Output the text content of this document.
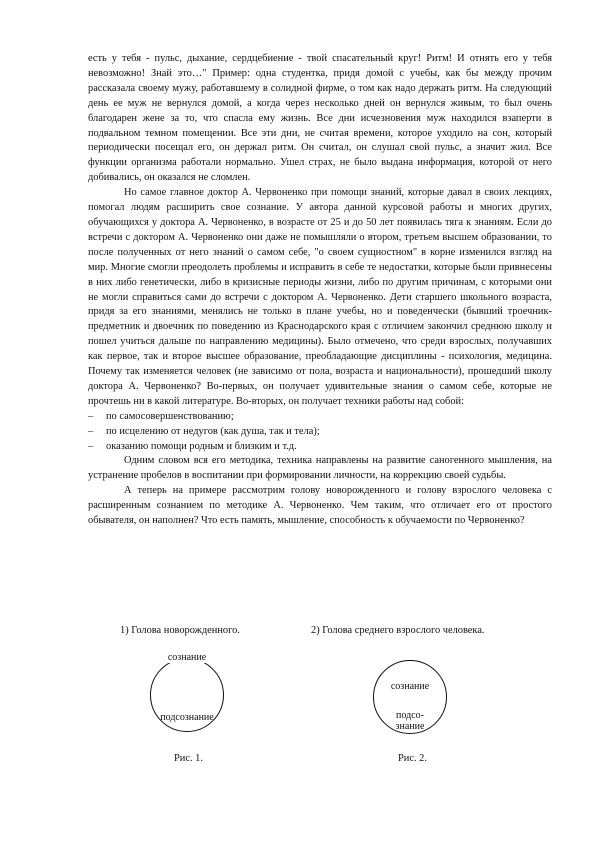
есть у тебя - пульс, дыхание, сердцебиение - твой спасательный круг! Ритм! И отнять его у тебя невозможно! Знай это…" Пример: одна студентка, придя домой с учебы, как бы между прочим рассказала своему мужу, работавшему в солидной фирме, о том как надо держать ритм. На следующий день ее муж не вернулся домой, а когда через несколько дней он вернулся живым, то был очень благодарен жене за то, что спасла ему жизнь. Все дни исчезновения муж находился взаперти в подвальном темном помещении. Все эти дни, не считая времени, которое уходило на сон, который периодически посещал его, он держал ритм. Он считал, он слушал свой пульс, а значит жил. Все функции организма работали нормально. Ушел страх, не было выдана информация, которой от него добивались, он оказался не сломлен.

Но самое главное доктор А. Червоненко при помощи знаний, которые давал в своих лекциях, помогал людям расширить свое сознание. У автора данной курсовой работы и многих других, обучающихся у доктора А. Червоненко, в возрасте от 25 и до 50 лет появилась тяга к знаниям. Если до встречи с доктором А. Червоненко они даже не помышляли о втором, третьем высшем образовании, то после полученных от него знаний о самом себе, "о своем сущностном" в корне изменился взгляд на мир. Многие смогли преодолеть проблемы и исправить в себе те недостатки, которые были привнесены в них либо генетически, либо в кризисные периоды жизни, либо по другим причинам, с которыми они не могли справиться сами до встречи с доктором А. Червоненко. Дети старшего школьного возраста, придя за его знаниями, менялись не только в плане учебы, но и поведенчески (бывший троечник-предметник и двоечник по поведению из Краснодарского края с отличием закончил среднюю школу и пошел учиться дальше по направлению медицины). Было отмечено, что среди взрослых, получавших как первое, так и второе высшее образование, преобладающие дисциплины - психология, медицина. Почему так изменяется человек (не зависимо от пола, возраста и национальности), прошедший школу доктора А. Червоненко? Во-первых, он получает удивительные знания о самом себе, которые не прочтешь ни в какой литературе. Во-вторых, он получает техники работы над собой:

– по самосовершенствованию;
– по исцелению от недугов (как душа, так и тела);
– оказанию помощи родным и близким и т.д.

Одним словом вся его методика, техника направлены на развитие саногенного мышления, на устранение пробелов в воспитании при формировании личности, на коррекцию своей судьбы.

А теперь на примере рассмотрим голову новорожденного и голову взрослого человека с расширенным сознанием по методике А. Червоненко. Чем таким, что отличает его от простого обывателя, он наполнен? Что есть память, мышление, способность к обучаемости по Червоненко?

1) Голова новорожденного.
сознание
подсознание
Рис. 1.
2) Голова среднего взрослого человека.
сознание
подсо-
знание
Рис. 2.
